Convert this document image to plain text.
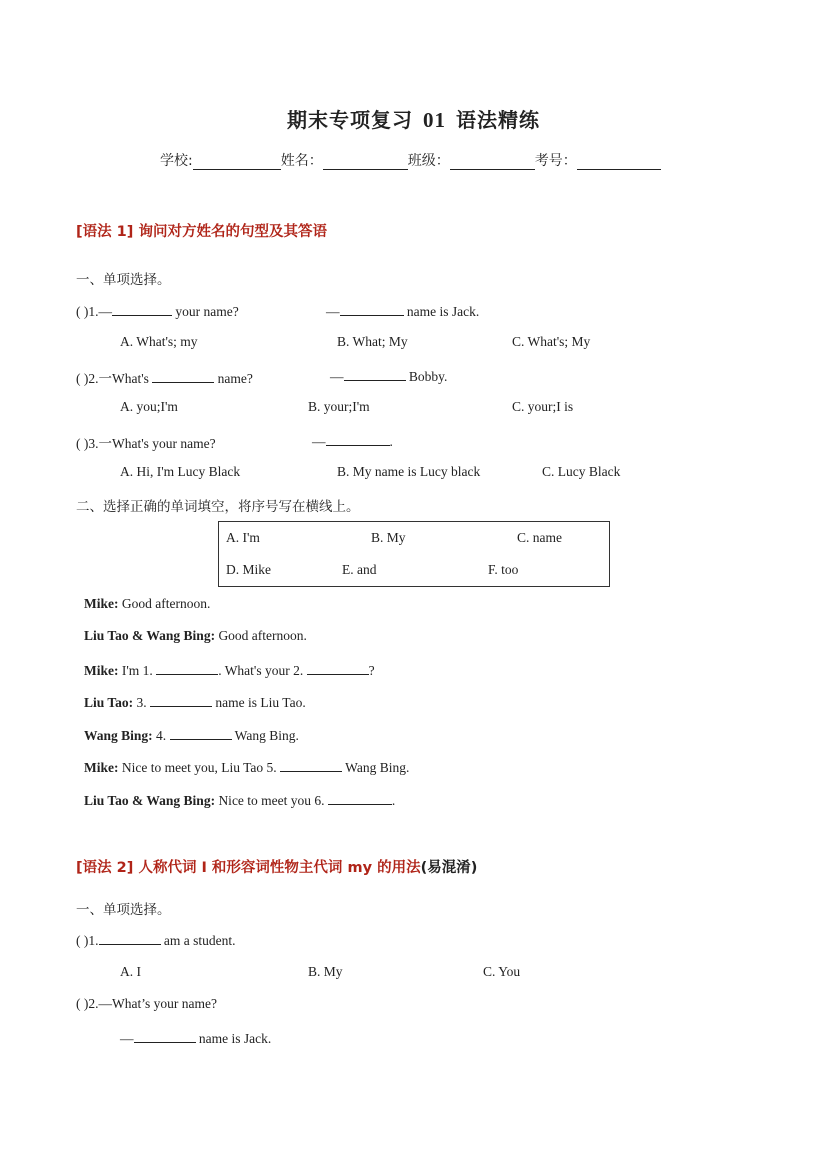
期末专项复习 01 语法精练
学校:	姓名：	班级：	考号：
[语法 1] 询问对方姓名的句型及其答语
一、单项选择。
( )1.—	your name?	—	name is Jack.
A. What's; my	B. What; My	C. What's; My
( )2.一What's	name?	—	Bobby.
A. you;I'm	B. your;I'm	C. your;I is
( )3.一What's your name?	—	.
A. Hi, I'm Lucy Black	B. My name is Lucy black	C. Lucy Black
二、选择正确的单词填空，将序号写在横线上。
A. I'm	B. My	C. name
D. Mike	E. and	F. too
Mike: Good afternoon.
Liu Tao & Wang Bing: Good afternoon.
Mike: I'm 1.	. What's your 2.	?
Liu Tao: 3.	name is Liu Tao.
Wang Bing: 4.	Wang Bing.
Mike: Nice to meet you, Liu Tao 5.	Wang Bing.
Liu Tao & Wang Bing: Nice to meet you 6.	.
[语法 2] 人称代词 I 和形容词性物主代词 my 的用法(易混淆)
一、单项选择。
( )1.	am a student.
A. I	B. My	C. You
( )2.—What’s your name?
—	name is Jack.
